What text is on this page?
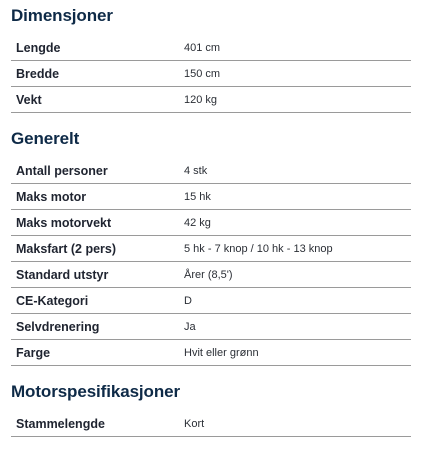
Dimensjoner
Lengde	401 cm
Bredde	150 cm
Vekt	120 kg
Generelt
Antall personer	4 stk
Maks motor	15 hk
Maks motorvekt	42 kg
Maksfart (2 pers)	5 hk - 7 knop / 10 hk - 13 knop
Standard utstyr	Årer (8,5')
CE-Kategori	D
Selvdrenering	Ja
Farge	Hvit eller grønn
Motorspesifikasjoner
Stammelengde	Kort
